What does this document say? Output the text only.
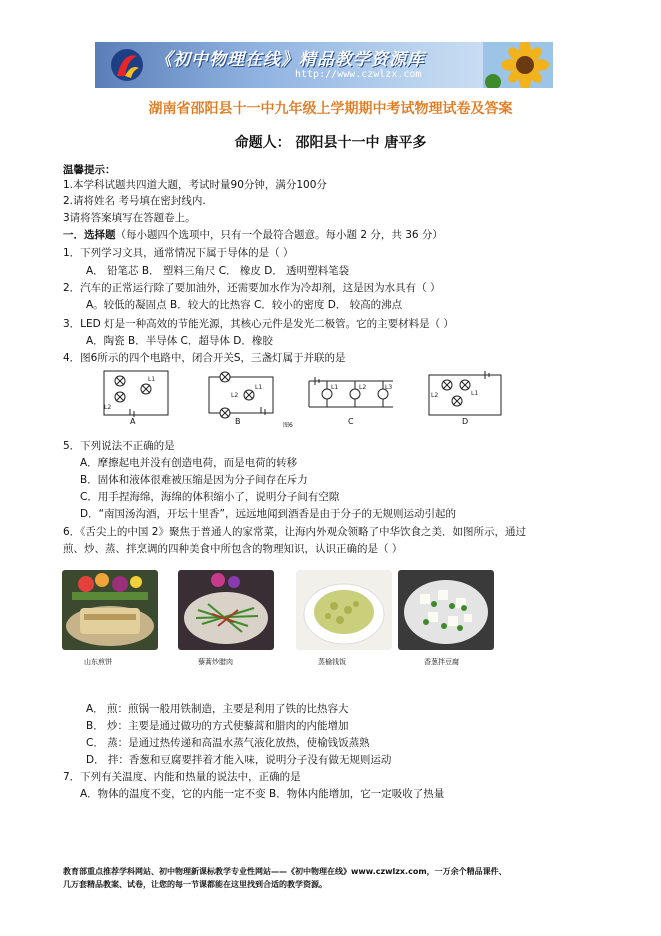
《初中物理在线》精品教学资源库
http://www.czwlzx.com
湖南省邵阳县十一中九年级上学期期中考试物理试卷及答案
命题人： 邵阳县十一中 唐平多
温馨提示：
1.本学科试题共四道大题，考试时量90分钟，满分100分
2.请将姓名 考号填在密封线内.
3请将答案填写在答题卷上。
一．选择题（每小题四个选项中，只有一个最符合题意。每小题 2 分，共 36 分）
1．下列学习文具，通常情况下属于导体的是（ ）
A． 铅笔芯 B． 塑料三角尺 C． 橡皮 D． 透明塑料笔袋
2．汽车的正常运行除了要加油外，还需要加水作为冷却剂，这是因为水具有（ ）
A。较低的凝固点 B．较大的比热容 C．较小的密度 D． 较高的沸点
3．LED 灯是一种高效的节能光源，其核心元件是发光二极管。它的主要材料是（ ）
A．陶瓷 B．半导体 C．超导体 D．橡胶
4．图6所示的四个电路中，闭合开关S，三盏灯属于并联的是
L1
L2
A
L1
L2
B	图6
L1	L2	L3
C
L1
L2
D
5．下列说法不正确的是
A．摩擦起电并没有创造电荷，而是电荷的转移
B．固体和液体很难被压缩是因为分子间存在斥力
C．用手捏海绵，海绵的体积缩小了，说明分子间有空隙
D．“南国汤沟酒，开坛十里香”，远远地闻到酒香是由于分子的无规则运动引起的
6．《舌尖上的中国 2》聚焦于普通人的家常菜，让海内外观众领略了中华饮食之美．如图所示，通过
煎、炒、蒸、拌烹调的四种美食中所包含的物理知识，认识正确的是（ ）
山东煎饼	藜蒿炒腊肉	蒸榆钱饭	香葱拌豆腐
A． 煎：煎锅一般用铁制造，主要是利用了铁的比热容大
B． 炒：主要是通过做功的方式使藜蒿和腊肉的内能增加
C． 蒸：是通过热传递和高温水蒸气液化放热，使榆钱饭蒸熟
D． 拌：香葱和豆腐要拌着才能入味，说明分子没有做无规则运动
7．下列有关温度、内能和热量的说法中，正确的是
A．物体的温度不变，它的内能一定不变 B．物体内能增加，它一定吸收了热量
教育部重点推荐学科网站、初中物理新课标教学专业性网站——《初中物理在线》www.czwlzx.com，一万余个精品课件、
几万套精品教案、试卷，让您的每一节课都能在这里找到合适的教学资源。
